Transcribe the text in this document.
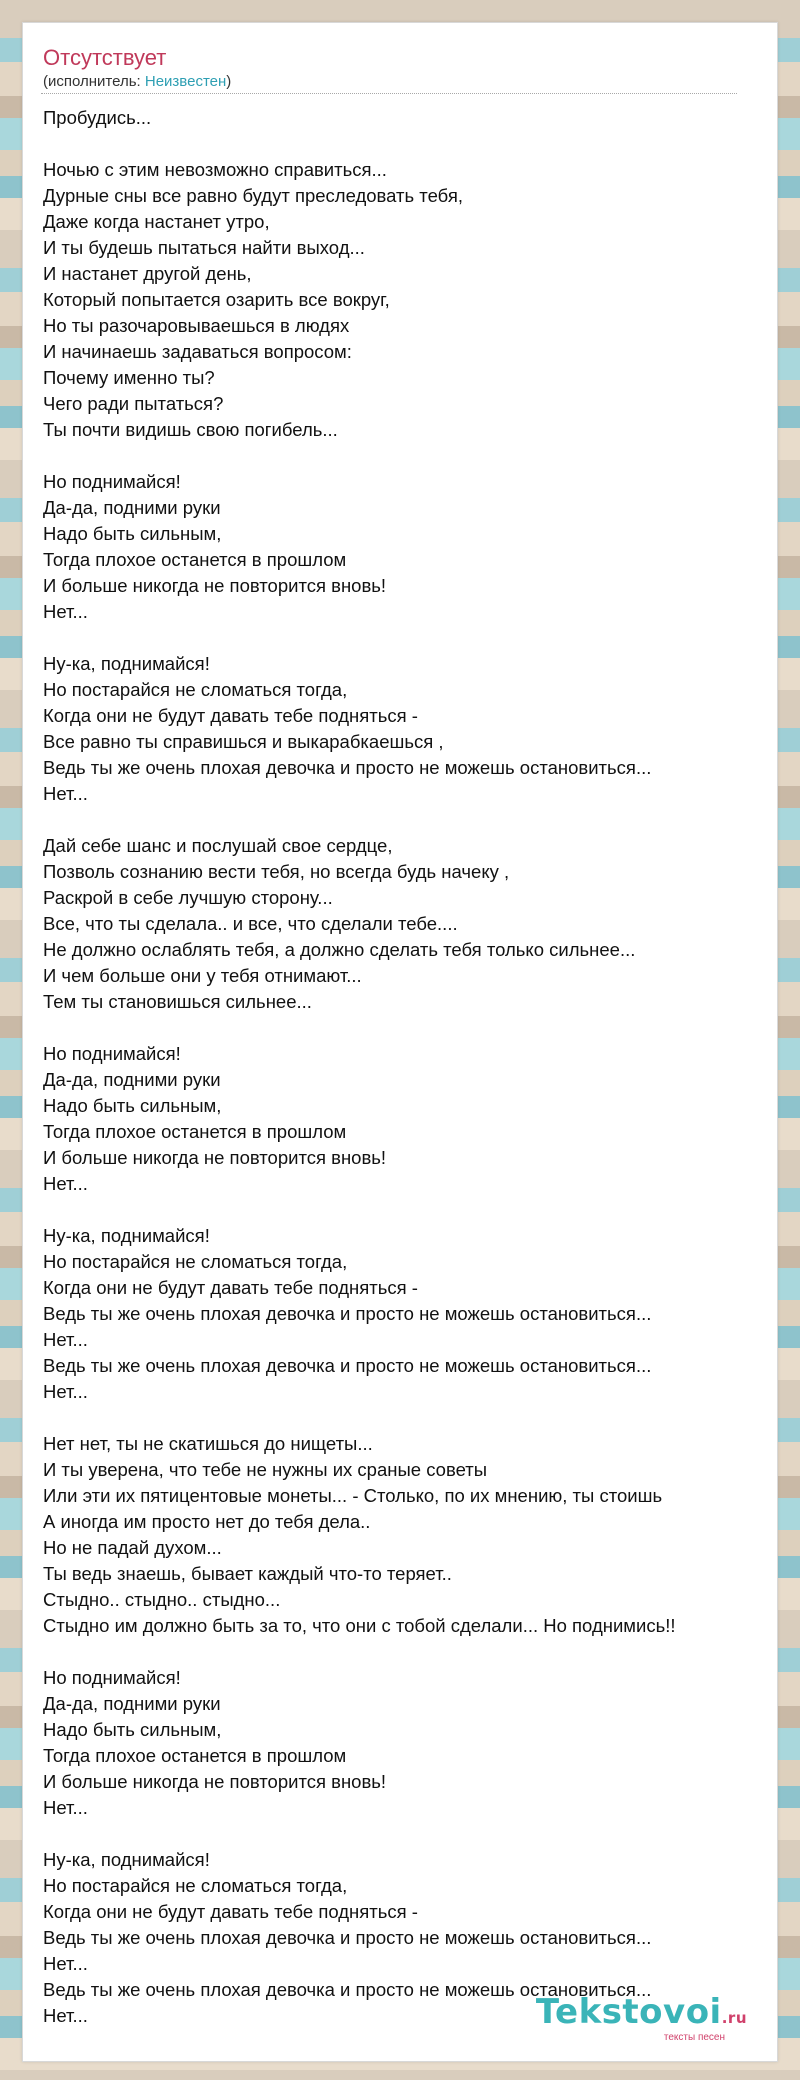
Отсутствует
(исполнитель: Неизвестен)
Пробудись...
Ночью с этим невозможно справиться...
Дурные сны все равно будут преследовать тебя,
Даже когда настанет утро,
И ты будешь пытаться найти выход...
И настанет другой день,
Который попытается озарить все вокруг,
Но ты разочаровываешься в людях
И начинаешь задаваться вопросом:
Почему именно ты?
Чего ради пытаться?
Ты почти видишь свою погибель...
Но поднимайся!
Да-да, подними руки
Надо быть сильным,
Тогда плохое останется в прошлом
И больше никогда не повторится вновь!
Нет...
Ну-ка, поднимайся!
Но постарайся не сломаться тогда,
Когда они не будут давать тебе подняться -
Все равно ты справишься и выкарабкаешься ,
Ведь ты же очень плохая девочка и просто не можешь остановиться...
Нет...
Дай себе шанс и послушай свое сердце,
Позволь сознанию вести тебя, но всегда будь начеку ,
Раскрой в себе лучшую сторону...
Все, что ты сделала.. и все, что сделали тебе....
Не должно ослаблять тебя, а должно сделать тебя только сильнее...
И чем больше они у тебя отнимают...
Тем ты становишься сильнее...
Но поднимайся!
Да-да, подними руки
Надо быть сильным,
Тогда плохое останется в прошлом
И больше никогда не повторится вновь!
Нет...
Ну-ка, поднимайся!
Но постарайся не сломаться тогда,
Когда они не будут давать тебе подняться -
Ведь ты же очень плохая девочка и просто не можешь остановиться...
Нет...
Ведь ты же очень плохая девочка и просто не можешь остановиться...
Нет...
Нет нет, ты не скатишься до нищеты...
И ты уверена, что тебе не нужны их сраные советы
Или эти их пятицентовые монеты... - Столько, по их мнению, ты стоишь
А иногда им просто нет до тебя дела..
Но не падай духом...
Ты ведь знаешь, бывает каждый что-то теряет..
Стыдно.. стыдно.. стыдно...
Стыдно им должно быть за то, что они с тобой сделали... Но поднимись!!
Но поднимайся!
Да-да, подними руки
Надо быть сильным,
Тогда плохое останется в прошлом
И больше никогда не повторится вновь!
Нет...
Ну-ка, поднимайся!
Но постарайся не сломаться тогда,
Когда они не будут давать тебе подняться -
Ведь ты же очень плохая девочка и просто не можешь остановиться...
Нет...
Ведь ты же очень плохая девочка и просто не можешь остановиться...
Нет...	Tekstovoi.ru
тексты песен
